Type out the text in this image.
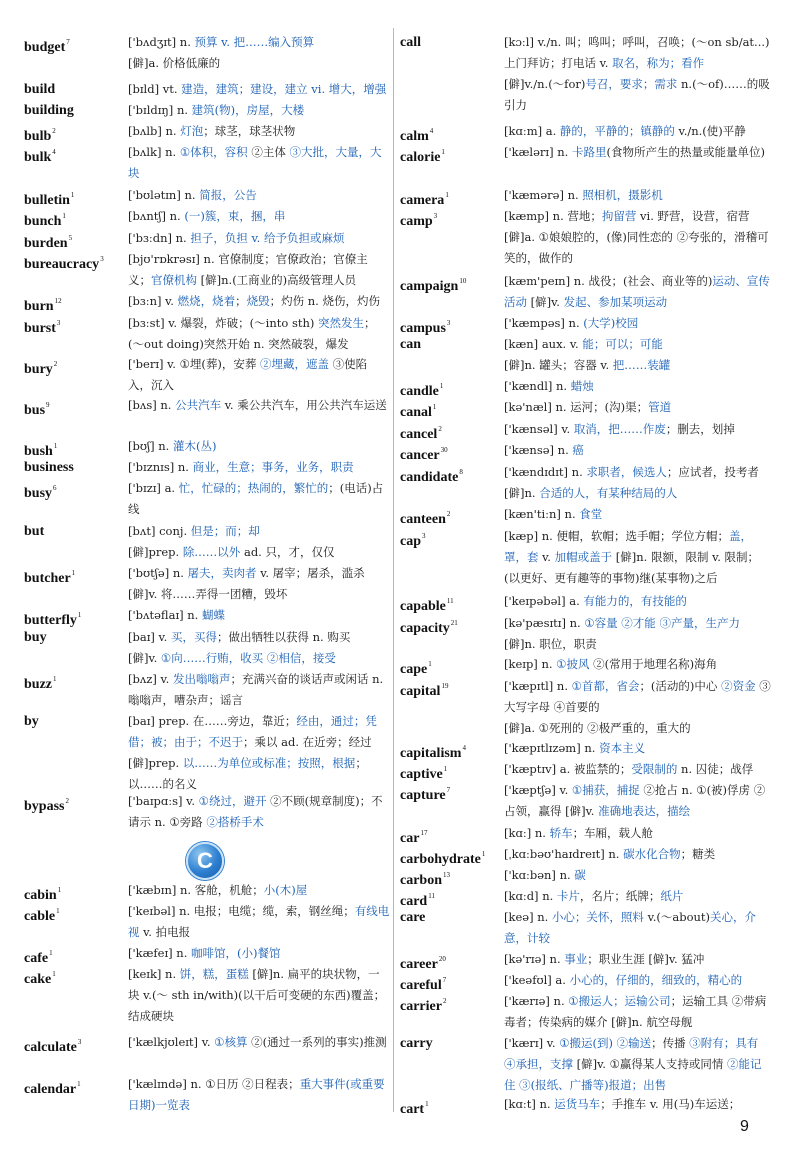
budget$^7$	['bʌdʒɪt] n. 预算 v. 把……编入预算
[僻]a. 价格低廉的
build	[bɪld] vt. 建造，建筑；建设，建立 vi. 增大，增强
building	['bɪldɪŋ] n. 建筑(物)，房屋，大楼
bulb$^2$	[bʌlb] n. 灯泡；球茎，球茎状物
bulk$^4$	[bʌlk] n. ①体积，容积 ②主体 ③大批，大量，大块
bulletin$^1$	['bʊlətɪn] n. 简报，公告
bunch$^1$	[bʌntʃ] n. (一)簇，束，捆，串
burden$^5$	['bɜːdn] n. 担子，负担 v. 给予负担或麻烦
bureaucracy$^3$ [bjʊ'rɒkrəsɪ] n. 官僚制度；官僚政治；官僚主义；官僚机构 [僻]n.(工商业的)高级管理人员
burn$^{12}$	[bɜːn] v. 燃烧，烧着；烧毁；灼伤 n. 烧伤，灼伤
burst$^3$	[bɜːst] v. 爆裂，炸破；(～into sth) 突然发生；(～out doing)突然开始 n. 突然破裂，爆发
bury$^2$	['berɪ] v. ①埋(葬)，安葬 ②埋藏，遮盖 ③使陷入，沉入
bus$^9$	[bʌs] n. 公共汽车 v. 乘公共汽车，用公共汽车运送
bush$^1$	[bʊʃ] n. 灌木(丛)
business	['bɪznɪs] n. 商业，生意；事务，业务，职责
busy$^6$	['bɪzɪ] a. 忙，忙碌的；热闹的，繁忙的；(电话)占线
but	[bʌt] conj. 但是；而；却
[僻]prep. 除……以外 ad. 只，才，仅仅
butcher$^1$	['bʊtʃə] n. 屠夫，卖肉者 v. 屠宰；屠杀，滥杀 [僻]v. 将……弄得一团糟，毁坏
butterfly$^1$	['bʌtəflaɪ] n. 蝴蝶
buy	[baɪ] v. 买，买得；做出牺牲以获得 n. 购买
[僻]v. ①向……行贿，收买 ②相信，接受
buzz$^1$	[bʌz] v. 发出嗡嗡声；充满兴奋的谈话声或闲话 n. 嗡嗡声，嘈杂声；谣言
by	[baɪ] prep. 在……旁边，靠近；经由，通过；凭借；被；由于；不迟于；乘以 ad. 在近旁；经过 [僻]prep. 以……为单位或标准；按照，根据；以……的名义
bypass$^2$	['baɪpɑːs] v. ①绕过，避开 ②不顾(规章制度)；不请示 n. ①旁路 ②搭桥手术
cabin$^1$	['kæbɪn] n. 客舱，机舱；小(木)屋
cable$^1$	['keɪbəl] n. 电报；电缆；缆，索，钢丝绳；有线电视 v. 拍电报
cafe$^1$	['kæfeɪ] n. 咖啡馆，(小)餐馆
cake$^1$	[keɪk] n. 饼，糕，蛋糕 [僻]n. 扁平的块状物，一块 v.(～ sth in/with)(以干后可变硬的东西)覆盖；结成硬块
calculate$^3$	['kælkjʊleɪt] v. ①核算 ②(通过一系列的事实)推测
calendar$^1$	['kælɪndə] n. ①日历 ②日程表；重大事件(或重要日期)一览表
call	[kɔːl] v./n. 叫；鸣叫；呼叫，召唤；(～on sb/at...)上门拜访；打电话 v. 取名，称为；看作
[僻]v./n.(～for)号召，要求；需求 n.(～of)……的吸引力
calm$^4$	[kɑːm] a. 静的，平静的；镇静的 v./n.(使)平静
calorie$^1$	['kælərɪ] n. 卡路里(食物所产生的热量或能量单位)
camera$^1$	['kæmərə] n. 照相机，摄影机
camp$^3$	[kæmp] n. 营地；拘留营 vi. 野营，设营，宿营 [僻]a. ①娘娘腔的，(像)同性恋的 ②夸张的，滑稽可笑的，做作的
campaign$^{10}$	[kæm'peɪn] n. 战役；(社会、商业等的)运动、宣传活动 [僻]v. 发起、参加某项运动
campus$^3$	['kæmpəs] n. (大学)校园
can	[kæn] aux. v. 能；可以；可能
[僻]n. 罐头；容器 v. 把……装罐
candle$^1$	['kændl] n. 蜡烛
canal$^1$	[kə'næl] n. 运河；(沟)渠；管道
cancel$^2$	['kænsəl] v. 取消，把……作废；删去，划掉
cancer$^{30}$	['kænsə] n. 癌
candidate$^8$	['kændɪdɪt] n. 求职者，候选人；应试者，投考者 [僻]n. 合适的人，有某种结局的人
canteen$^2$	[kæn'tiːn] n. 食堂
cap$^3$	[kæp] n. 便帽，软帽；选手帽；学位方帽；盖，罩，套 v. 加帽或盖于 [僻]n. 限额，限制 v. 限制；(以更好、更有趣等的事物)继(某事物)之后
capable$^{11}$	['keɪpəbəl] a. 有能力的，有技能的
capacity$^{21}$	[kə'pæsɪtɪ] n. ①容量 ②才能 ③产量，生产力
[僻]n. 职位，职责
cape$^1$	[keɪp] n. ①披风 ②(常用于地理名称)海角
capital$^{19}$	['kæpɪtl] n. ①首都，省会；(活动的)中心 ②资金 ③大写字母 ④首要的
[僻]a. ①死刑的 ②极严重的，重大的
capitalism$^4$	['kæpɪtlɪzəm] n. 资本主义
captive$^1$	['kæptɪv] a. 被监禁的；受限制的 n. 囚徒；战俘
capture$^7$	['kæptʃə] v. ①捕获，捕捉 ②抢占 n. ①(被)俘虏 ②占领，赢得 [僻]v. 准确地表达，描绘
car$^{17}$	[kɑː] n. 轿车；车厢，载人舱
carbohydrate$^1$ [ˌkɑːbəʊ'haɪdreɪt] n. 碳水化合物；糖类
carbon$^{13}$	['kɑːbən] n. 碳
card$^{11}$	[kɑːd] n. 卡片，名片；纸牌；纸片
care	[keə] n. 小心；关怀，照料 v.(～about)关心，介意，计较
career$^{20}$	[kə'rɪə] n. 事业；职业生涯 [僻]v. 猛冲
careful$^7$	['keəfʊl] a. 小心的，仔细的，细致的，精心的
carrier$^2$	['kærɪə] n. ①搬运人；运输公司；运输工具 ②带病毒者；传染病的媒介 [僻]n. 航空母舰
carry	['kærɪ] v. ①搬运(到) ②输送；传播 ③附有；具有 ④承担，支撑 [僻]v. ①赢得某人支持或同情 ②能记住 ③(报纸、广播等)报道；出售
cart$^1$	[kɑːt] n. 运货马车；手推车 v. 用(马)车运送；
C
9
